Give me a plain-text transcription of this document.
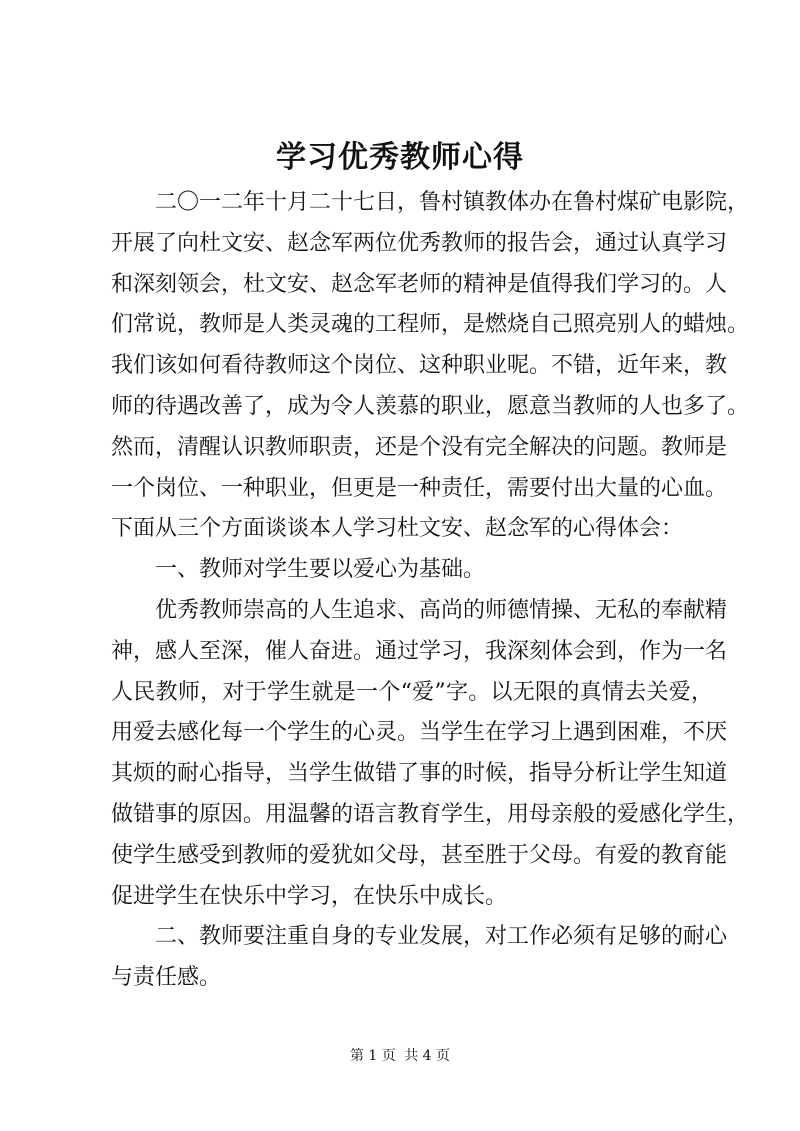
学习优秀教师心得
二〇一二年十月二十七日，鲁村镇教体办在鲁村煤矿电影院，
开展了向杜文安、赵念军两位优秀教师的报告会，通过认真学习
和深刻领会，杜文安、赵念军老师的精神是值得我们学习的。人
们常说，教师是人类灵魂的工程师，是燃烧自己照亮别人的蜡烛。
我们该如何看待教师这个岗位、这种职业呢。不错，近年来，教
师的待遇改善了，成为令人羡慕的职业，愿意当教师的人也多了。
然而，清醒认识教师职责，还是个没有完全解决的问题。教师是
一个岗位、一种职业，但更是一种责任，需要付出大量的心血。
下面从三个方面谈谈本人学习杜文安、赵念军的心得体会：
一、教师对学生要以爱心为基础。
优秀教师崇高的人生追求、高尚的师德情操、无私的奉献精
神，感人至深，催人奋进。通过学习，我深刻体会到，作为一名
人民教师，对于学生就是一个“爱”字。以无限的真情去关爱，
用爱去感化每一个学生的心灵。当学生在学习上遇到困难，不厌
其烦的耐心指导，当学生做错了事的时候，指导分析让学生知道
做错事的原因。用温馨的语言教育学生，用母亲般的爱感化学生，
使学生感受到教师的爱犹如父母，甚至胜于父母。有爱的教育能
促进学生在快乐中学习，在快乐中成长。
二、教师要注重自身的专业发展，对工作必须有足够的耐心
与责任感。
第 1 页 共 4 页
